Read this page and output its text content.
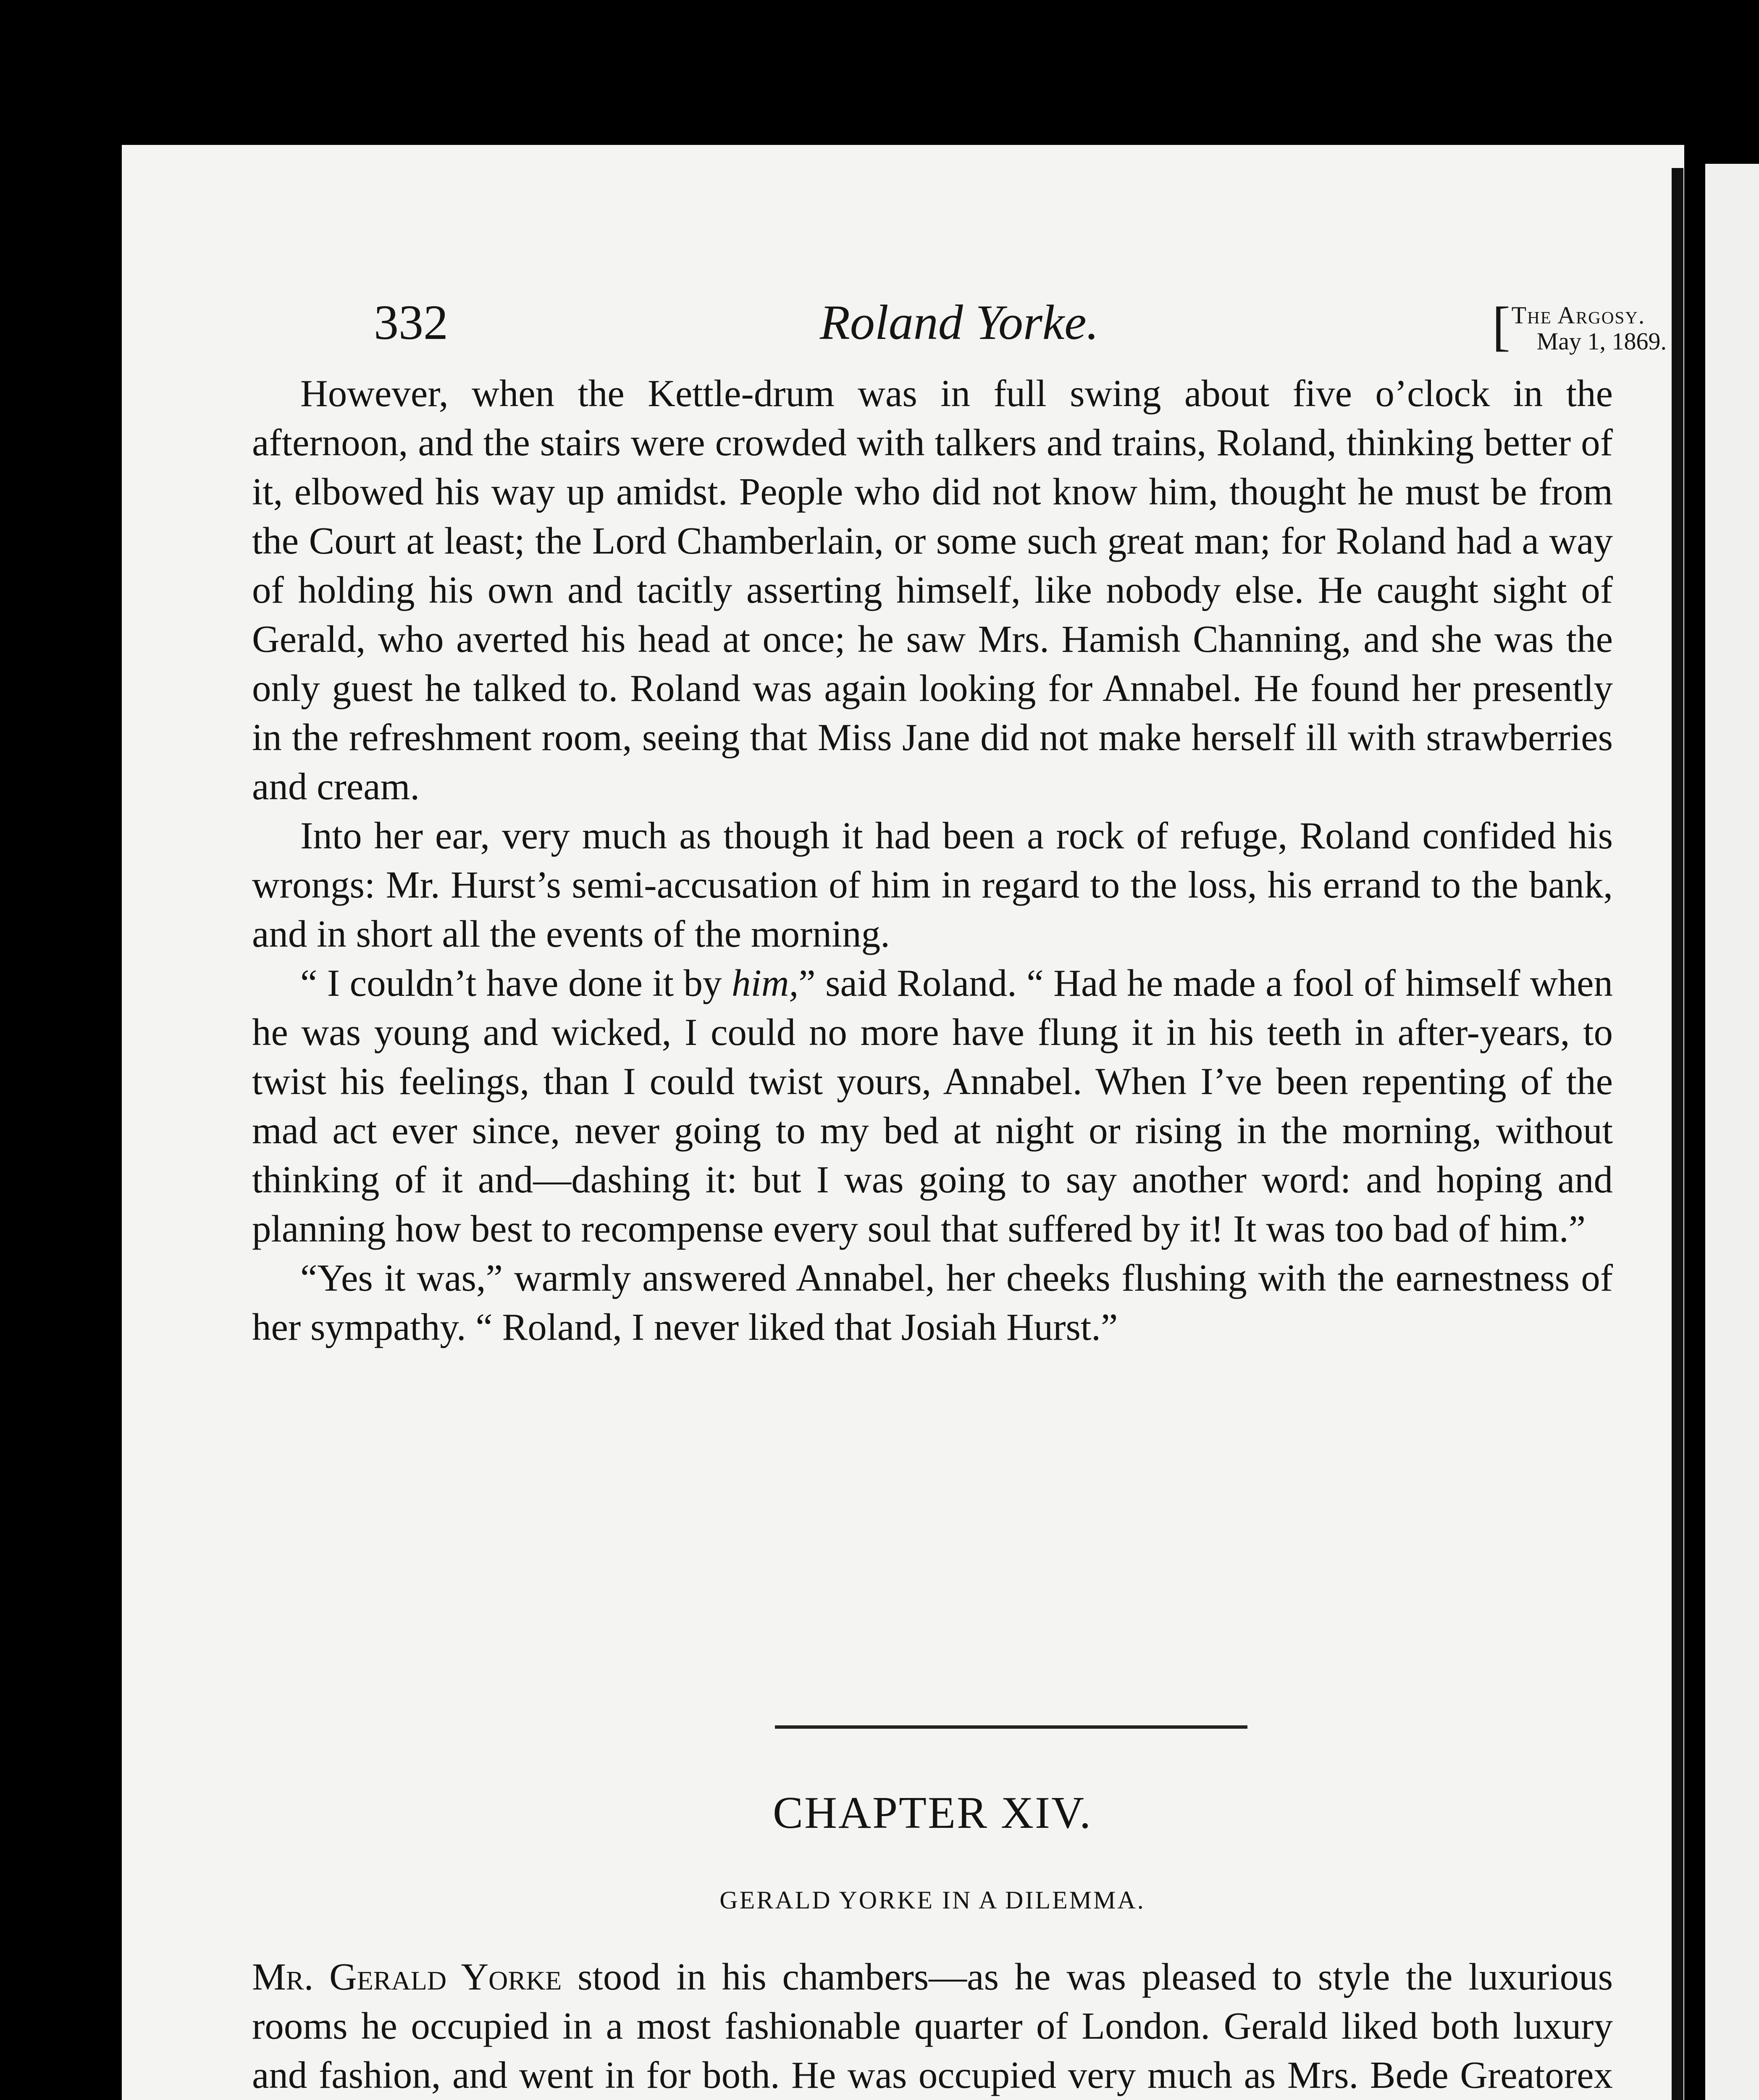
332	Roland Yorke.	[ The Argosy.
May 1, 1869.

However, when the Kettle-drum was in full swing about five o’clock in the afternoon, and the stairs were crowded with talkers and trains, Roland, thinking better of it, elbowed his way up amidst. People who did not know him, thought he must be from the Court at least; the Lord Chamberlain, or some such great man; for Roland had a way of holding his own and tacitly asserting himself, like nobody else. He caught sight of Gerald, who averted his head at once; he saw Mrs. Hamish Channing, and she was the only guest he talked to. Roland was again looking for Annabel. He found her presently in the refreshment room, seeing that Miss Jane did not make herself ill with strawberries and cream.

Into her ear, very much as though it had been a rock of refuge, Roland confided his wrongs: Mr. Hurst’s semi-accusation of him in regard to the loss, his errand to the bank, and in short all the events of the morning.

“ I couldn’t have done it by him,” said Roland. “ Had he made a fool of himself when he was young and wicked, I could no more have flung it in his teeth in after-years, to twist his feelings, than I could twist yours, Annabel. When I’ve been repenting of the mad act ever since, never going to my bed at night or rising in the morning, without thinking of it and—dashing it: but I was going to say another word: and hoping and planning how best to recompense every soul that suffered by it! It was too bad of him.”

“Yes it was,” warmly answered Annabel, her cheeks flushing with the earnestness of her sympathy. “ Roland, I never liked that Josiah Hurst.”

CHAPTER XIV.
GERALD YORKE IN A DILEMMA.

Mr. Gerald Yorke stood in his chambers—as he was pleased to style the luxurious rooms he occupied in a most fashionable quarter of London. Gerald liked both luxury and fashion, and went in for both. He was occupied very much as Mrs. Bede Greatorex
